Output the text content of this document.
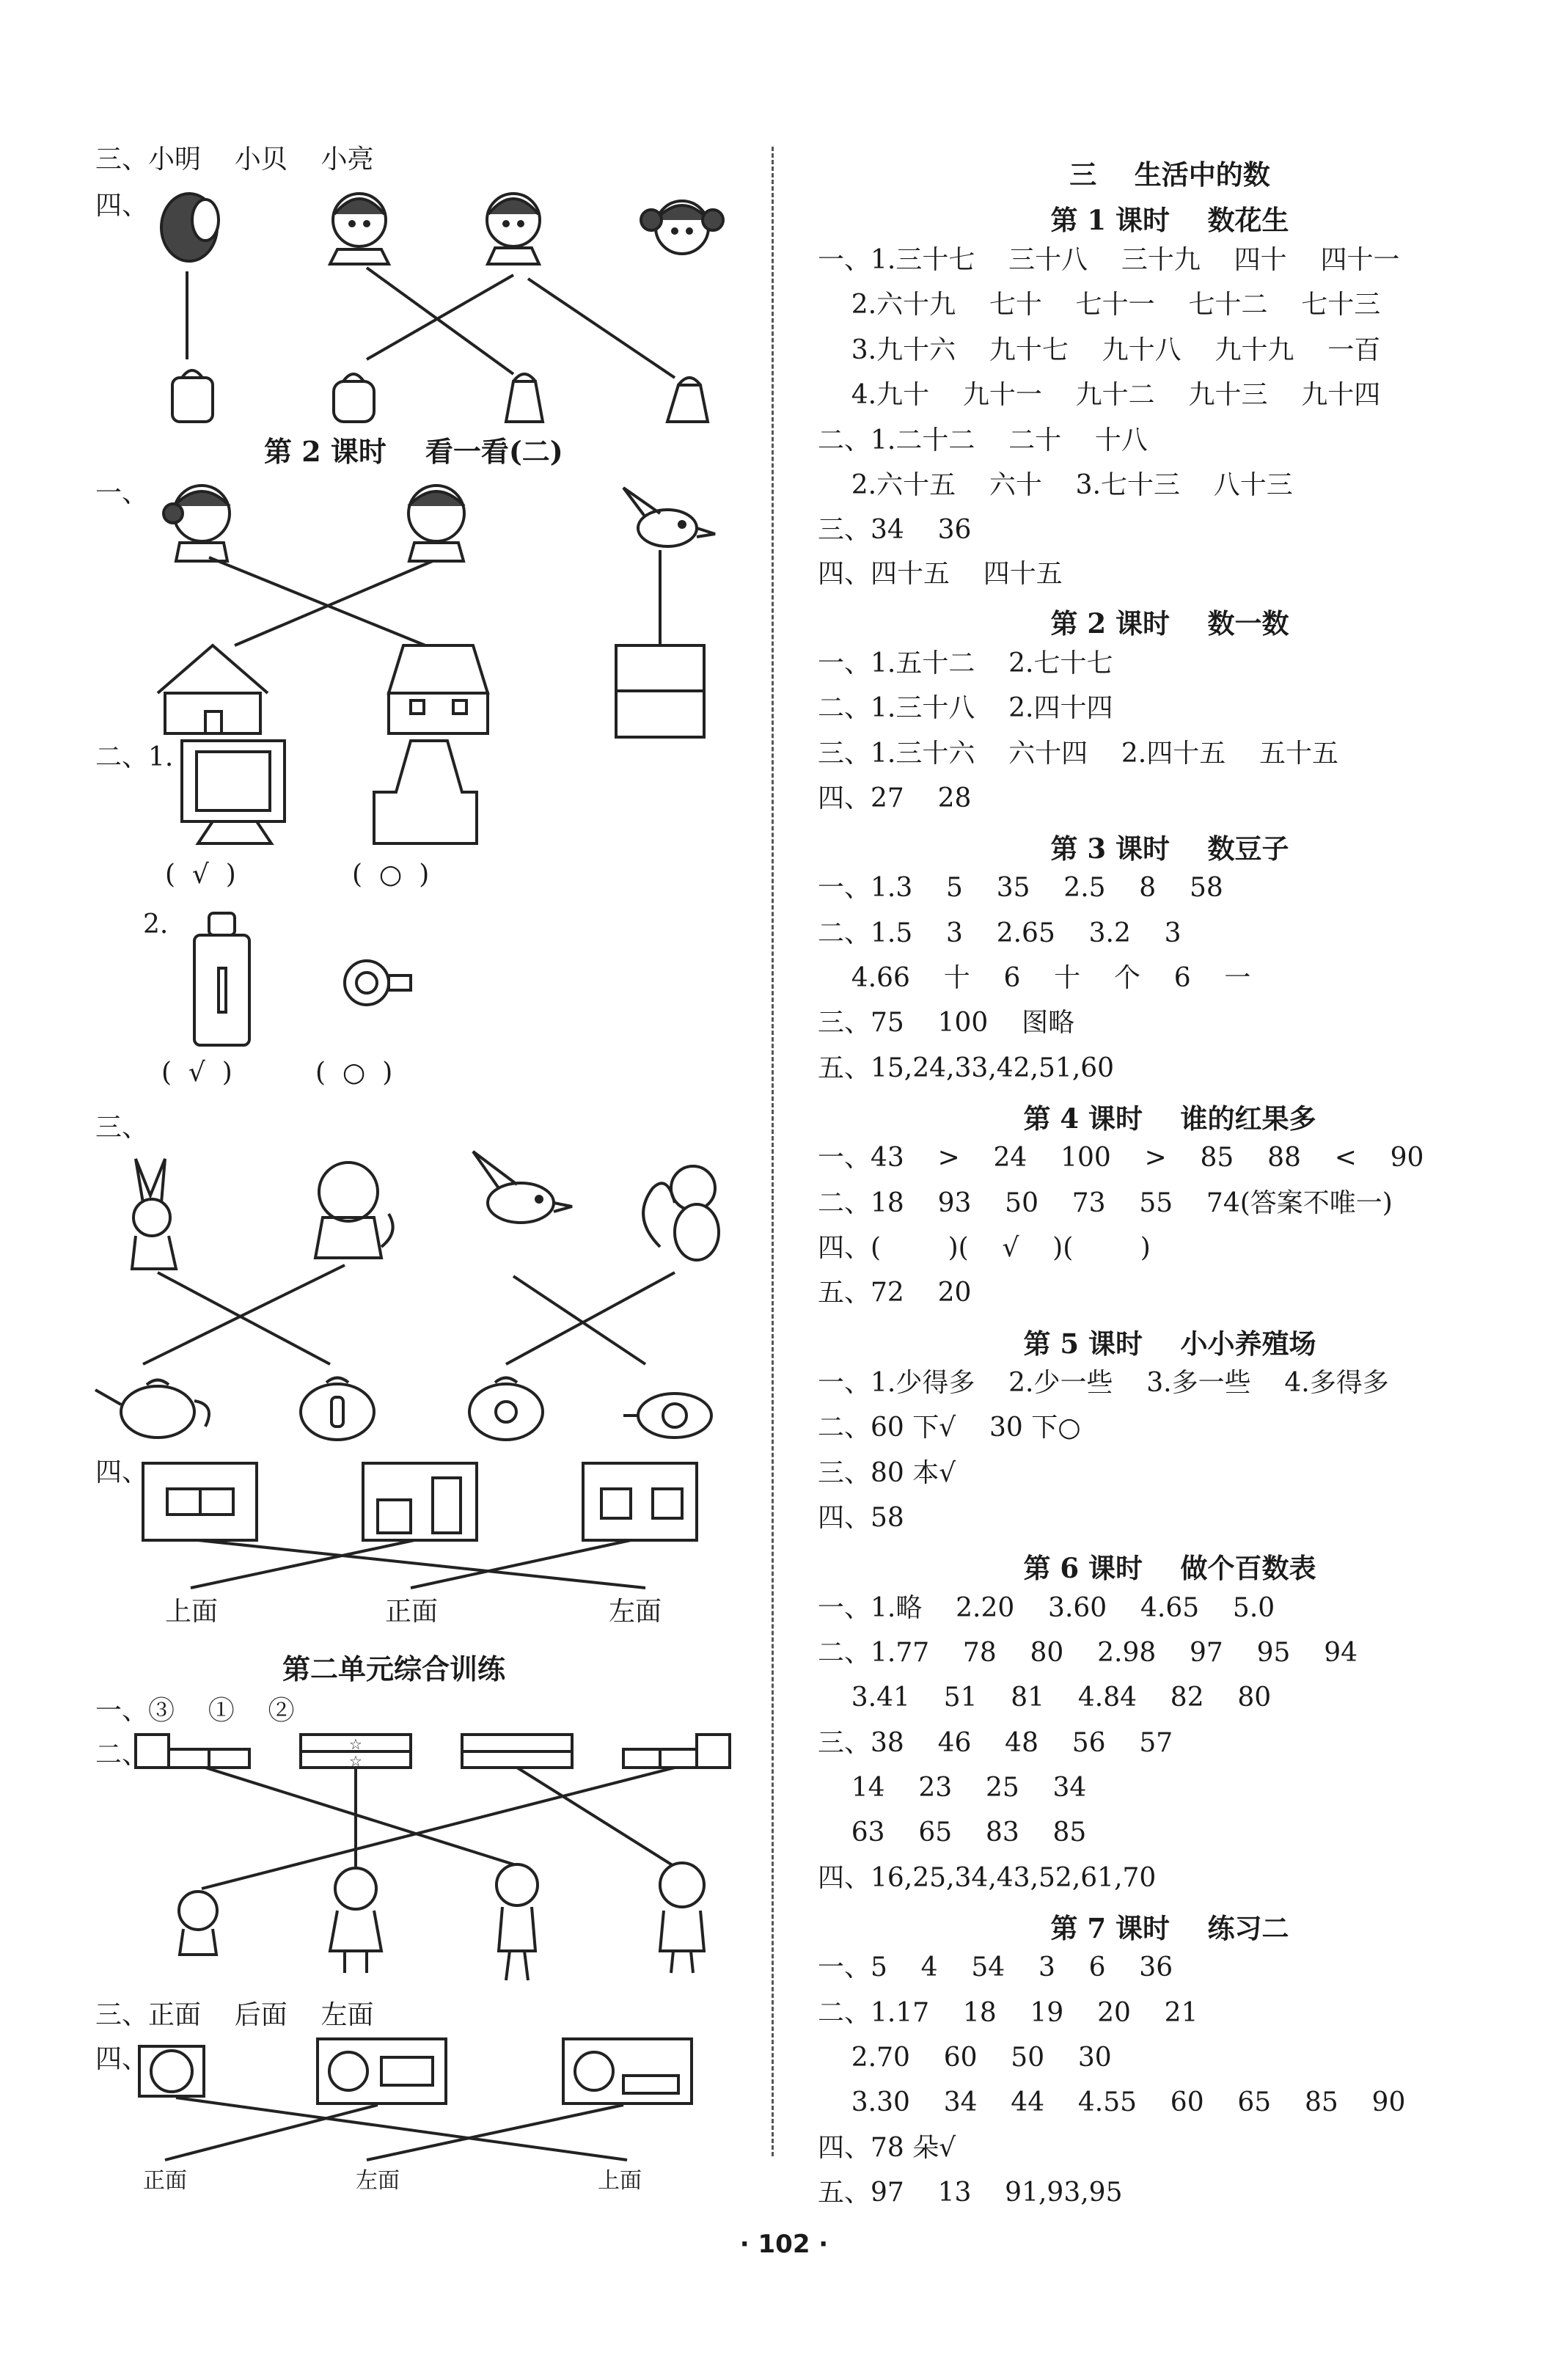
三、小明    小贝    小亮
四、
第 2 课时    看一看(二)
一、
二、1.
(  √  )	(  ○  )
2.
(  √  )	(  ○  )
三、
四、
上面	正面	左面
第二单元综合训练
一、③    ①    ②
二、
三、正面    后面    左面
四、
正面	左面	上面
☆
☆
三    生活中的数
第 1 课时    数花生
一、1.三十七    三十八    三十九    四十    四十一
2.六十九    七十    七十一    七十二    七十三
3.九十六    九十七    九十八    九十九    一百
4.九十    九十一    九十二    九十三    九十四
二、1.二十二    二十    十八
2.六十五    六十    3.七十三    八十三
三、34    36
四、四十五    四十五
第 2 课时    数一数
一、1.五十二    2.七十七
二、1.三十八    2.四十四
三、1.三十六    六十四    2.四十五    五十五
四、27    28
第 3 课时    数豆子
一、1.3    5    35    2.5    8    58
二、1.5    3    2.65    3.2    3
4.66    十    6    十    个    6    一
三、75    100    图略
五、15,24,33,42,51,60
第 4 课时    谁的红果多
一、43    >    24    100    >    85    88    <    90
二、18    93    50    73    55    74(答案不唯一)
四、(        )(    √    )(        )
五、72    20
第 5 课时    小小养殖场
一、1.少得多    2.少一些    3.多一些    4.多得多
二、60 下√    30 下○
三、80 本√
四、58
第 6 课时    做个百数表
一、1.略    2.20    3.60    4.65    5.0
二、1.77    78    80    2.98    97    95    94
3.41    51    81    4.84    82    80
三、38    46    48    56    57
14    23    25    34
63    65    83    85
四、16,25,34,43,52,61,70
第 7 课时    练习二
一、5    4    54    3    6    36
二、1.17    18    19    20    21
2.70    60    50    30
3.30    34    44    4.55    60    65    85    90
四、78 朵√
五、97    13    91,93,95
· 102 ·
